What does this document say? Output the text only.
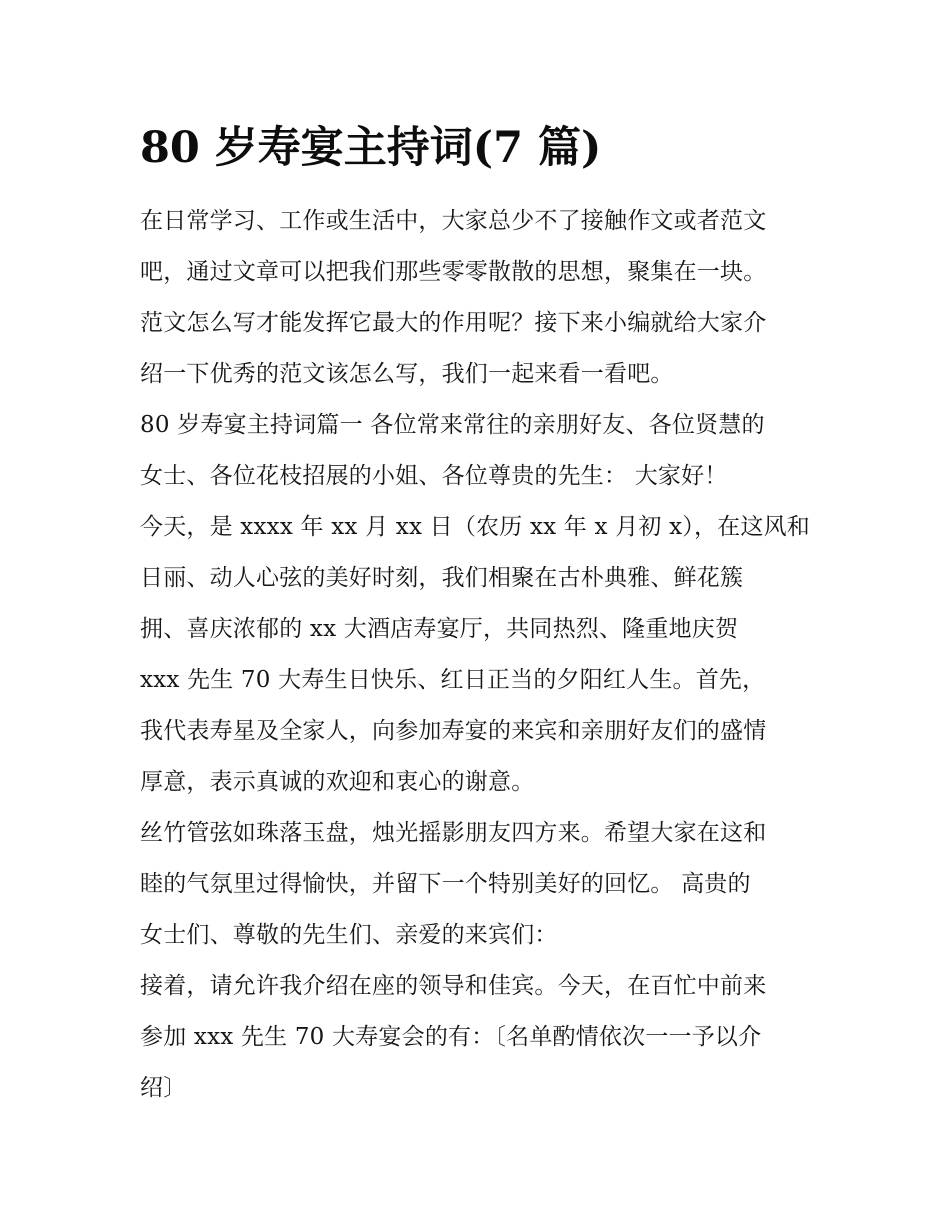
80 岁寿宴主持词(7 篇)

在日常学习、工作或生活中，大家总少不了接触作文或者范文

吧，通过文章可以把我们那些零零散散的思想，聚集在一块。

范文怎么写才能发挥它最大的作用呢？接下来小编就给大家介

绍一下优秀的范文该怎么写，我们一起来看一看吧。

80 岁寿宴主持词篇一 各位常来常往的亲朋好友、各位贤慧的

女士、各位花枝招展的小姐、各位尊贵的先生： 大家好！

今天，是 xxxx 年 xx 月 xx 日（农历 xx 年 x 月初 x），在这风和

日丽、动人心弦的美好时刻，我们相聚在古朴典雅、鲜花簇

拥、喜庆浓郁的 xx 大酒店寿宴厅，共同热烈、隆重地庆贺

xxx 先生 70 大寿生日快乐、红日正当的夕阳红人生。首先，

我代表寿星及全家人，向参加寿宴的来宾和亲朋好友们的盛情

厚意，表示真诚的欢迎和衷心的谢意。

丝竹管弦如珠落玉盘，烛光摇影朋友四方来。希望大家在这和

睦的气氛里过得愉快，并留下一个特别美好的回忆。 高贵的

女士们、尊敬的先生们、亲爱的来宾们：

接着，请允许我介绍在座的领导和佳宾。今天，在百忙中前来

参加 xxx 先生 70 大寿宴会的有：〔名单酌情依次一一予以介

绍〕
